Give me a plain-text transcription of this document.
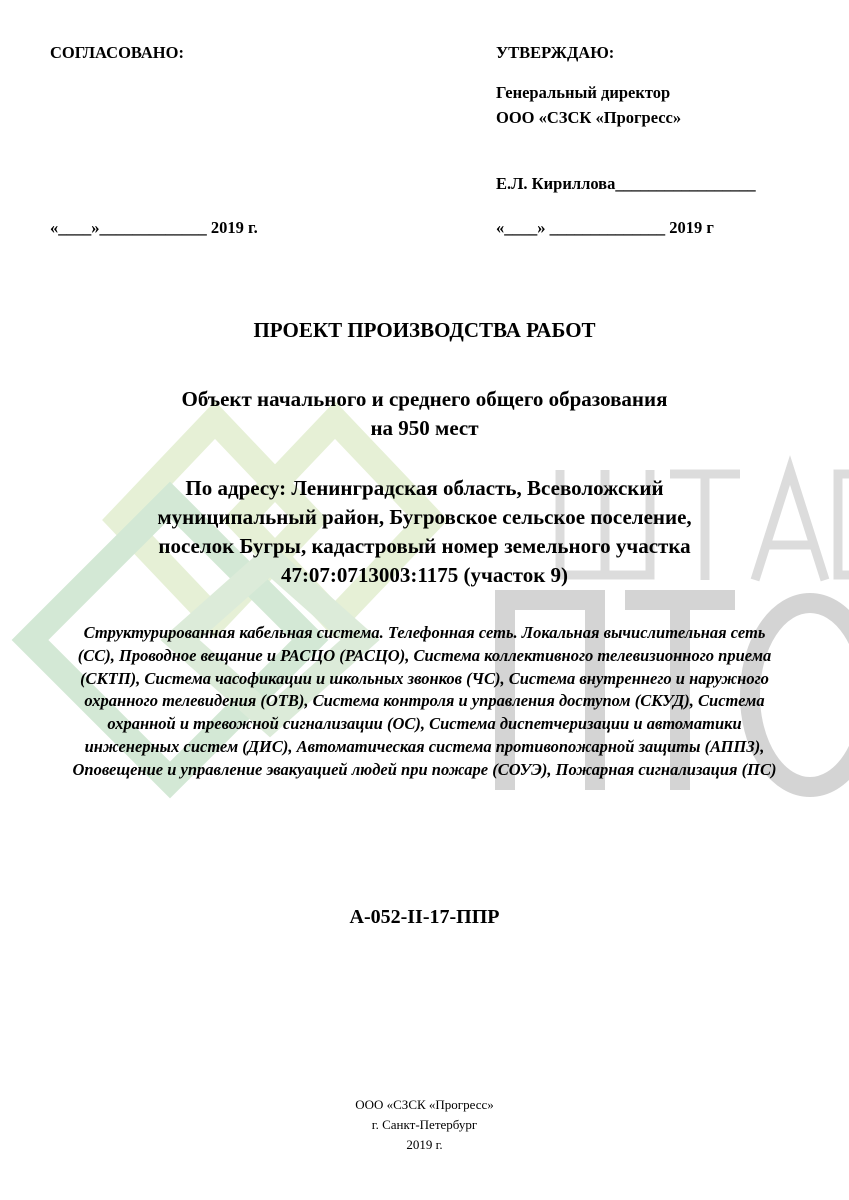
СОГЛАСОВАНО:
«____»_____________ 2019 г.
УТВЕРЖДАЮ:
Генеральный директор
ООО «СЗСК «Прогресс»
Е.Л. Кириллова_________________
«____» ______________ 2019 г
ПРОЕКТ ПРОИЗВОДСТВА РАБОТ
Объект начального и среднего общего образования
на 950 мест
По адресу: Ленинградская область, Всеволожский
муниципальный район, Бугровское сельское поселение,
поселок Бугры, кадастровый номер земельного участка
47:07:0713003:1175 (участок 9)
Структурированная кабельная система. Телефонная сеть. Локальная вычислительная сеть (СС), Проводное вещание и РАСЦО (РАСЦО), Система коллективного телевизионного приема (СКТП), Система часофикации и школьных звонков (ЧС), Система внутреннего и наружного охранного телевидения (ОТВ), Система контроля и управления доступом (СКУД), Система охранной и тревожной сигнализации (ОС), Система диспетчеризации и автоматики инженерных систем (ДИС), Автоматическая система противопожарной защиты (АППЗ), Оповещение и управление эвакуацией людей при пожаре (СОУЭ), Пожарная сигнализация (ПС)
А-052-II-17-ППР
ООО «СЗСК «Прогресс»
г. Санкт-Петербург
2019 г.
